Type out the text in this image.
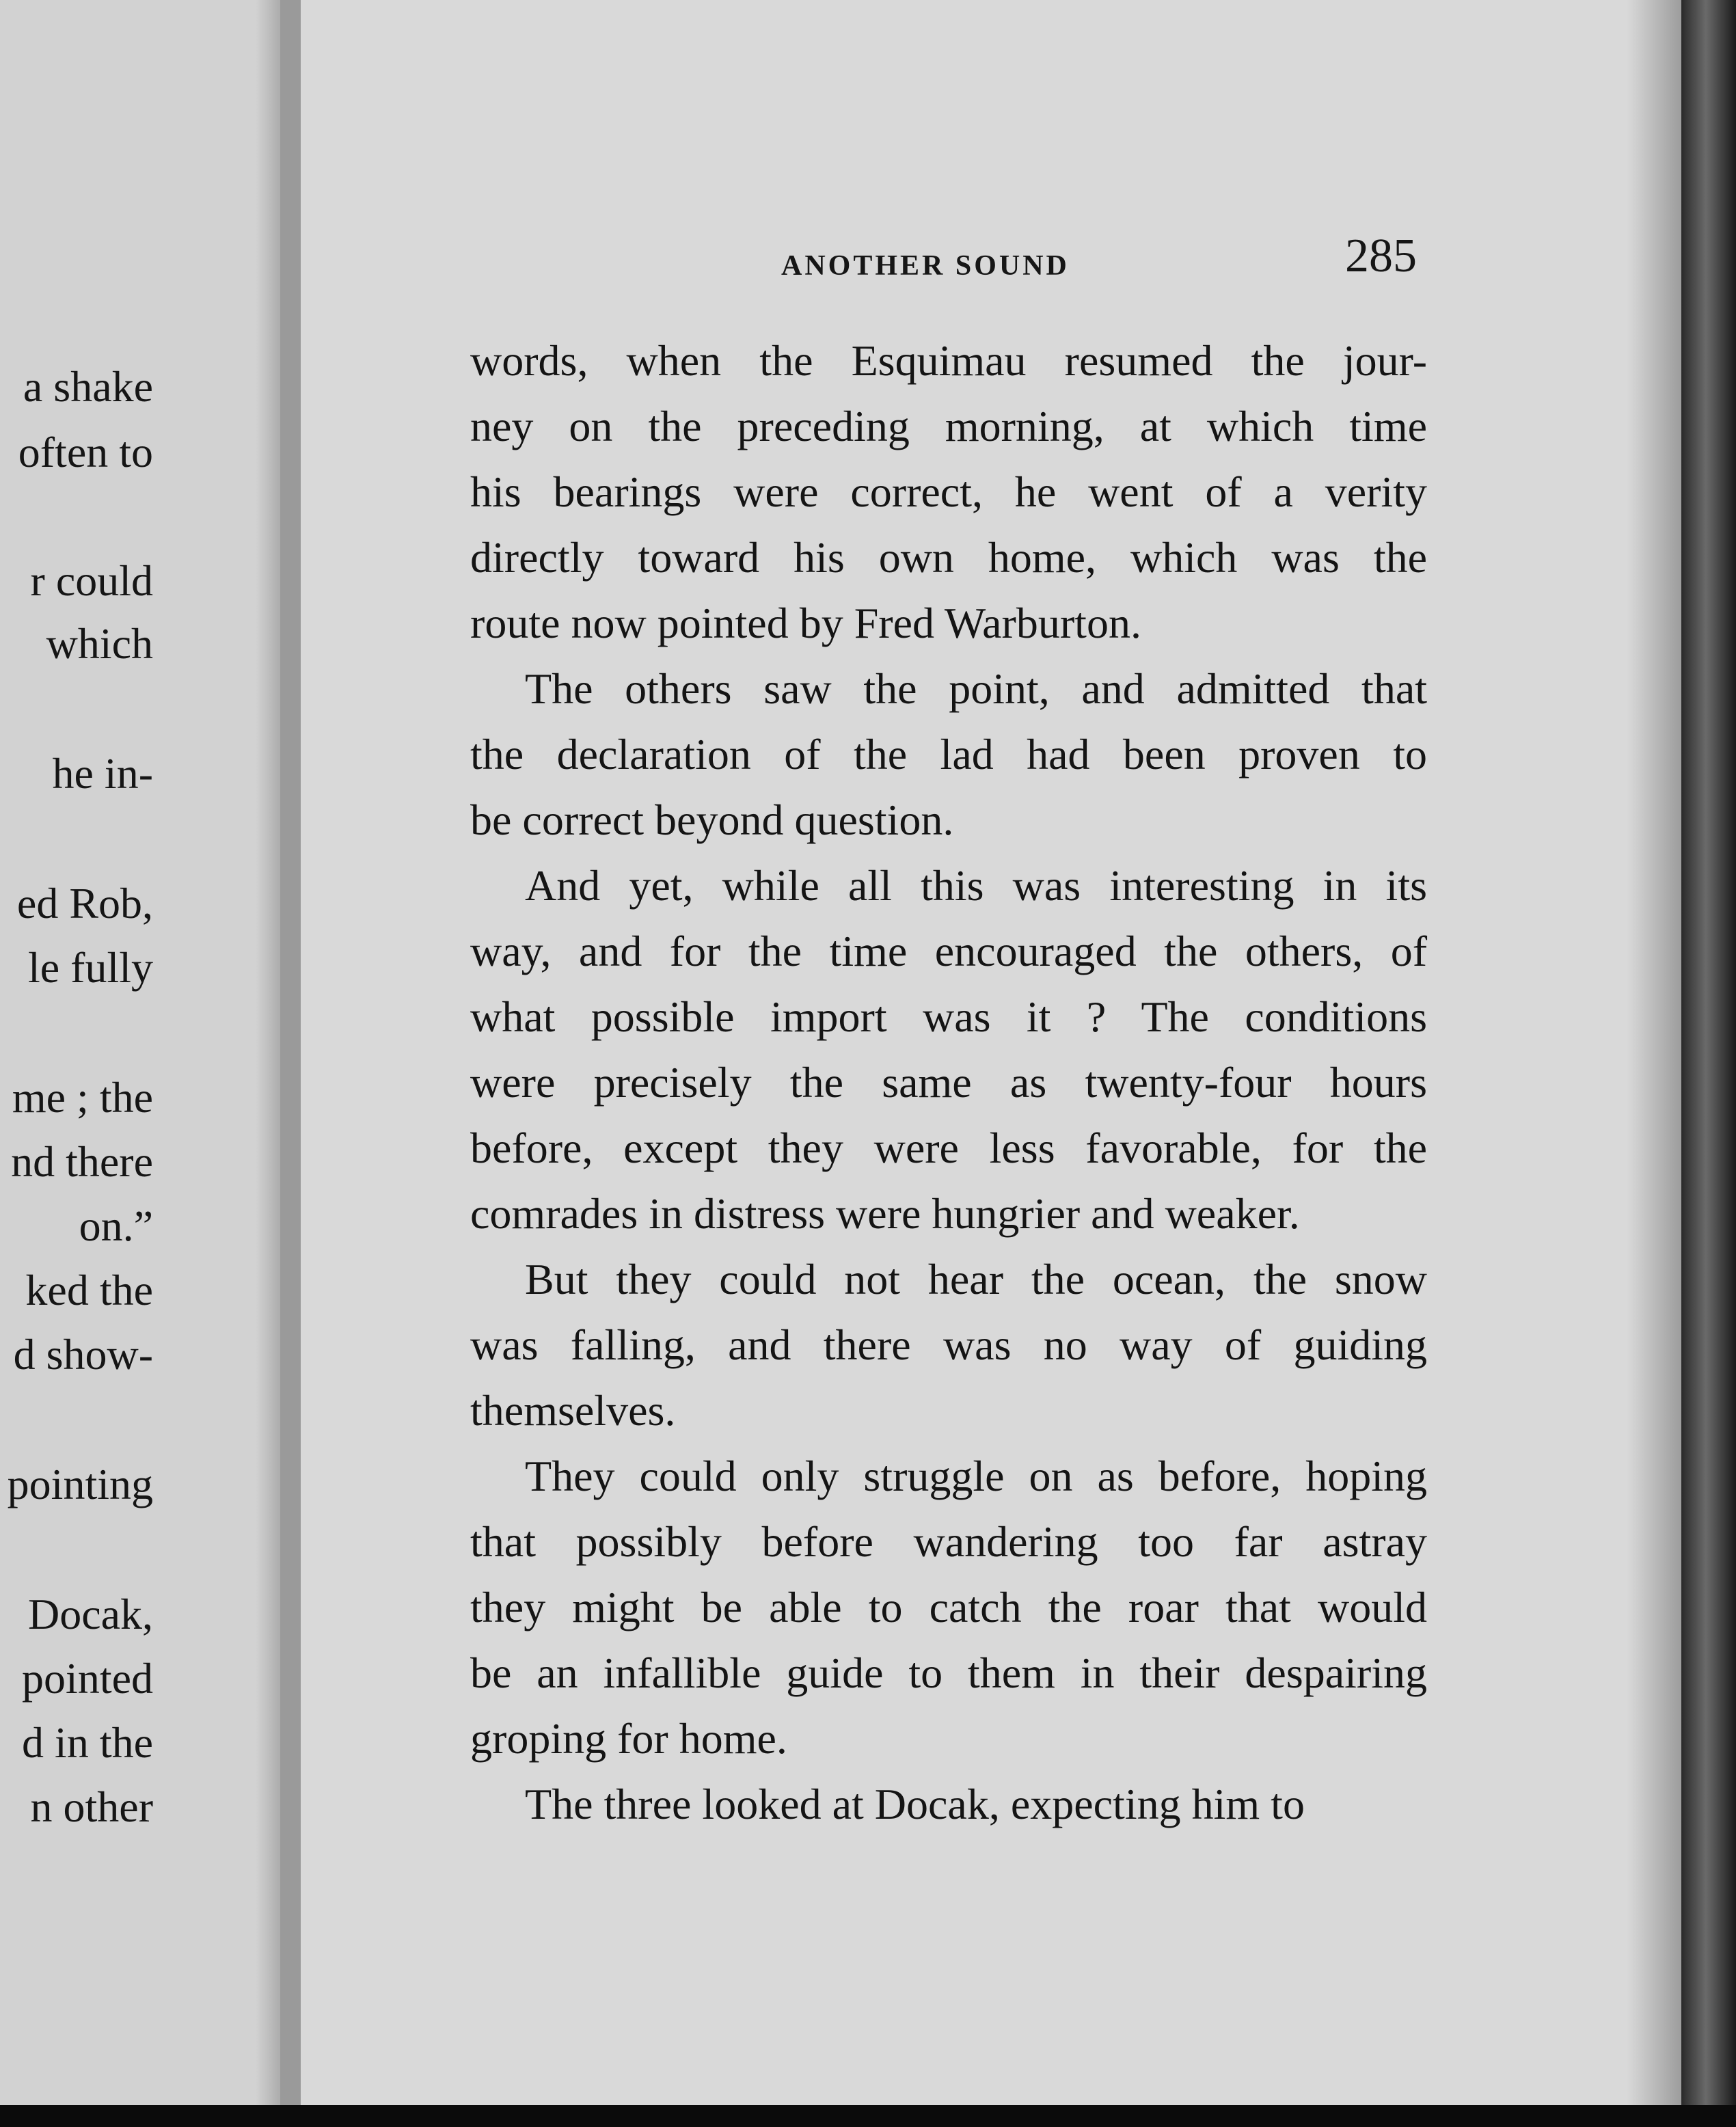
a shake
often to
r could
which
he in-
ed Rob,
le fully
me ; the
nd there
on.”
ked the
d show-
pointing
Docak,
pointed
d in the
n other
ANOTHER SOUND	285
words, when the Esquimau resumed the jour-
ney on the preceding morning, at which time
his bearings were correct, he went of a verity
directly toward his own home, which was the
route now pointed by Fred Warburton.
The others saw the point, and admitted that
the declaration of the lad had been proven to
be correct beyond question.
And yet, while all this was interesting in its
way, and for the time encouraged the others, of
what possible import was it ? The conditions
were precisely the same as twenty-four hours
before, except they were less favorable, for the
comrades in distress were hungrier and weaker.
But they could not hear the ocean, the snow
was falling, and there was no way of guiding
themselves.
They could only struggle on as before, hoping
that possibly before wandering too far astray
they might be able to catch the roar that would
be an infallible guide to them in their despairing
groping for home.
The three looked at Docak, expecting him to
